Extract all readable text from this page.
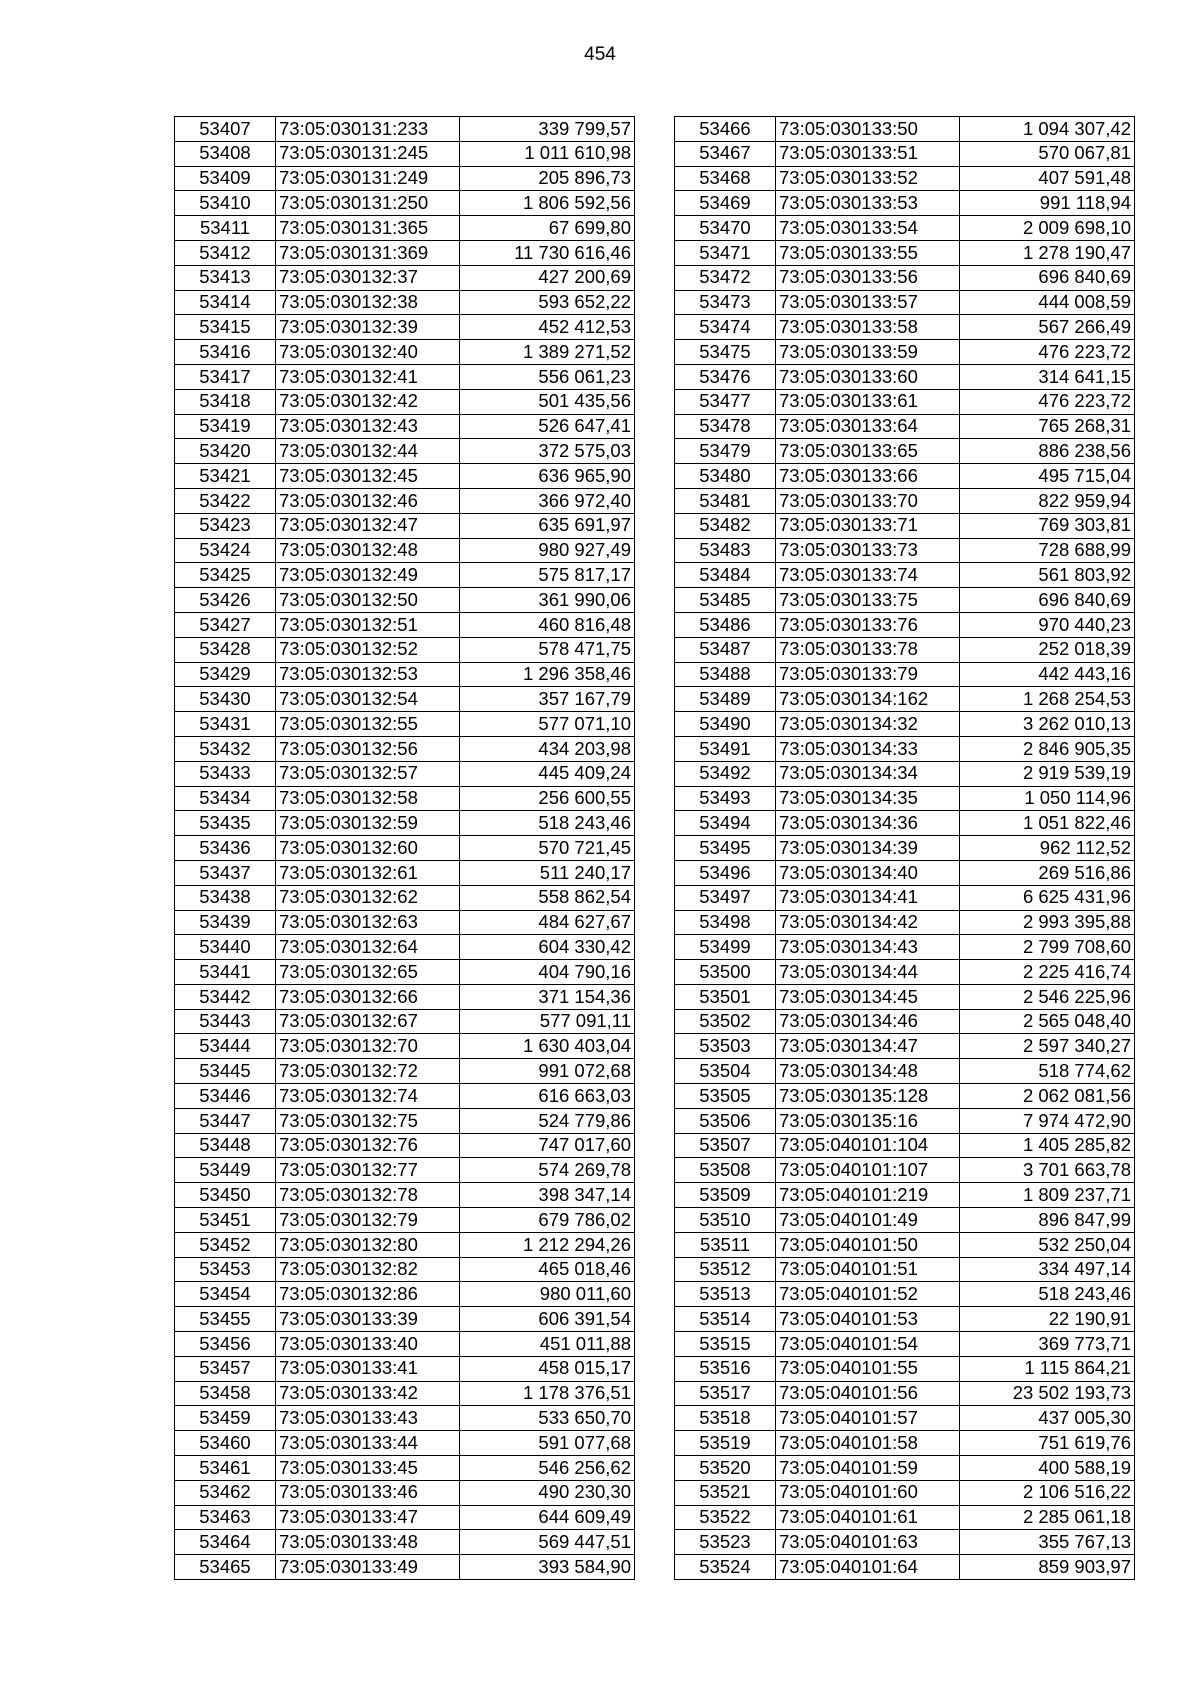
454
53407	73:05:030131:233	339 799,57
53408	73:05:030131:245	1 011 610,98
53409	73:05:030131:249	205 896,73
53410	73:05:030131:250	1 806 592,56
53411	73:05:030131:365	67 699,80
53412	73:05:030131:369	11 730 616,46
53413	73:05:030132:37	427 200,69
53414	73:05:030132:38	593 652,22
53415	73:05:030132:39	452 412,53
53416	73:05:030132:40	1 389 271,52
53417	73:05:030132:41	556 061,23
53418	73:05:030132:42	501 435,56
53419	73:05:030132:43	526 647,41
53420	73:05:030132:44	372 575,03
53421	73:05:030132:45	636 965,90
53422	73:05:030132:46	366 972,40
53423	73:05:030132:47	635 691,97
53424	73:05:030132:48	980 927,49
53425	73:05:030132:49	575 817,17
53426	73:05:030132:50	361 990,06
53427	73:05:030132:51	460 816,48
53428	73:05:030132:52	578 471,75
53429	73:05:030132:53	1 296 358,46
53430	73:05:030132:54	357 167,79
53431	73:05:030132:55	577 071,10
53432	73:05:030132:56	434 203,98
53433	73:05:030132:57	445 409,24
53434	73:05:030132:58	256 600,55
53435	73:05:030132:59	518 243,46
53436	73:05:030132:60	570 721,45
53437	73:05:030132:61	511 240,17
53438	73:05:030132:62	558 862,54
53439	73:05:030132:63	484 627,67
53440	73:05:030132:64	604 330,42
53441	73:05:030132:65	404 790,16
53442	73:05:030132:66	371 154,36
53443	73:05:030132:67	577 091,11
53444	73:05:030132:70	1 630 403,04
53445	73:05:030132:72	991 072,68
53446	73:05:030132:74	616 663,03
53447	73:05:030132:75	524 779,86
53448	73:05:030132:76	747 017,60
53449	73:05:030132:77	574 269,78
53450	73:05:030132:78	398 347,14
53451	73:05:030132:79	679 786,02
53452	73:05:030132:80	1 212 294,26
53453	73:05:030132:82	465 018,46
53454	73:05:030132:86	980 011,60
53455	73:05:030133:39	606 391,54
53456	73:05:030133:40	451 011,88
53457	73:05:030133:41	458 015,17
53458	73:05:030133:42	1 178 376,51
53459	73:05:030133:43	533 650,70
53460	73:05:030133:44	591 077,68
53461	73:05:030133:45	546 256,62
53462	73:05:030133:46	490 230,30
53463	73:05:030133:47	644 609,49
53464	73:05:030133:48	569 447,51
53465	73:05:030133:49	393 584,90
53466	73:05:030133:50	1 094 307,42
53467	73:05:030133:51	570 067,81
53468	73:05:030133:52	407 591,48
53469	73:05:030133:53	991 118,94
53470	73:05:030133:54	2 009 698,10
53471	73:05:030133:55	1 278 190,47
53472	73:05:030133:56	696 840,69
53473	73:05:030133:57	444 008,59
53474	73:05:030133:58	567 266,49
53475	73:05:030133:59	476 223,72
53476	73:05:030133:60	314 641,15
53477	73:05:030133:61	476 223,72
53478	73:05:030133:64	765 268,31
53479	73:05:030133:65	886 238,56
53480	73:05:030133:66	495 715,04
53481	73:05:030133:70	822 959,94
53482	73:05:030133:71	769 303,81
53483	73:05:030133:73	728 688,99
53484	73:05:030133:74	561 803,92
53485	73:05:030133:75	696 840,69
53486	73:05:030133:76	970 440,23
53487	73:05:030133:78	252 018,39
53488	73:05:030133:79	442 443,16
53489	73:05:030134:162	1 268 254,53
53490	73:05:030134:32	3 262 010,13
53491	73:05:030134:33	2 846 905,35
53492	73:05:030134:34	2 919 539,19
53493	73:05:030134:35	1 050 114,96
53494	73:05:030134:36	1 051 822,46
53495	73:05:030134:39	962 112,52
53496	73:05:030134:40	269 516,86
53497	73:05:030134:41	6 625 431,96
53498	73:05:030134:42	2 993 395,88
53499	73:05:030134:43	2 799 708,60
53500	73:05:030134:44	2 225 416,74
53501	73:05:030134:45	2 546 225,96
53502	73:05:030134:46	2 565 048,40
53503	73:05:030134:47	2 597 340,27
53504	73:05:030134:48	518 774,62
53505	73:05:030135:128	2 062 081,56
53506	73:05:030135:16	7 974 472,90
53507	73:05:040101:104	1 405 285,82
53508	73:05:040101:107	3 701 663,78
53509	73:05:040101:219	1 809 237,71
53510	73:05:040101:49	896 847,99
53511	73:05:040101:50	532 250,04
53512	73:05:040101:51	334 497,14
53513	73:05:040101:52	518 243,46
53514	73:05:040101:53	22 190,91
53515	73:05:040101:54	369 773,71
53516	73:05:040101:55	1 115 864,21
53517	73:05:040101:56	23 502 193,73
53518	73:05:040101:57	437 005,30
53519	73:05:040101:58	751 619,76
53520	73:05:040101:59	400 588,19
53521	73:05:040101:60	2 106 516,22
53522	73:05:040101:61	2 285 061,18
53523	73:05:040101:63	355 767,13
53524	73:05:040101:64	859 903,97
